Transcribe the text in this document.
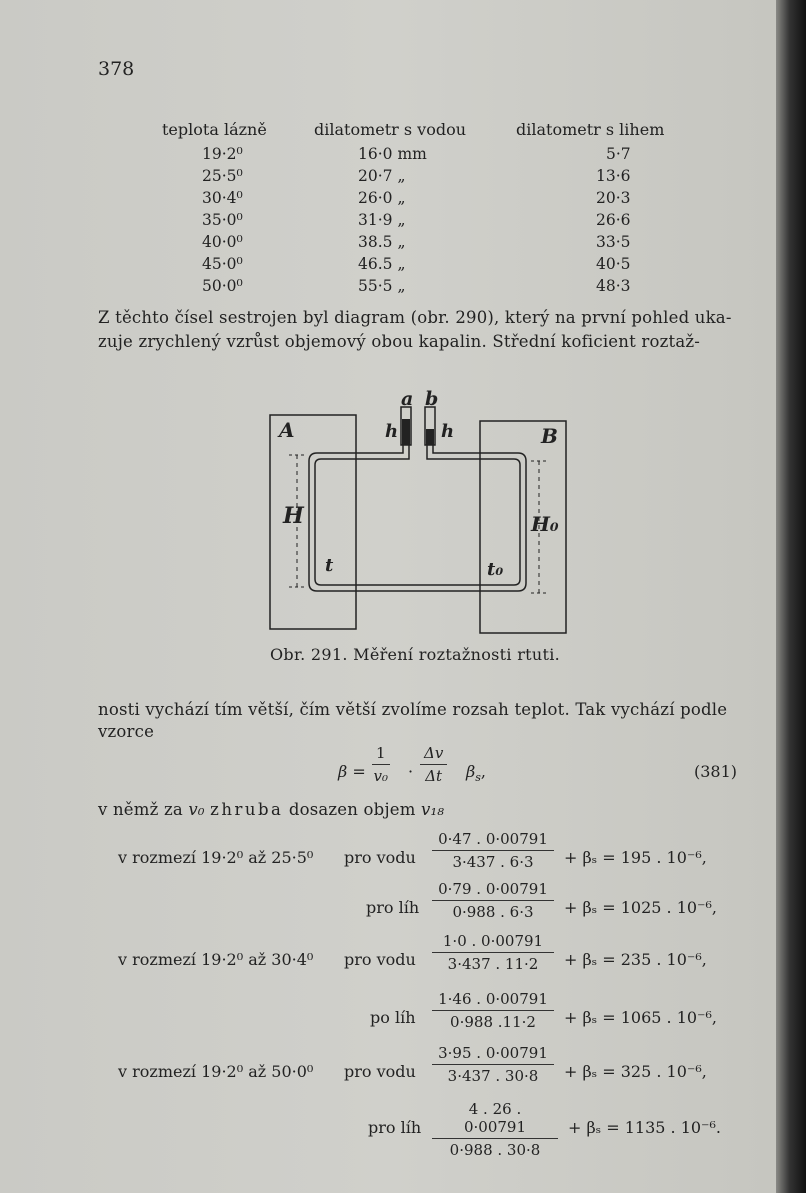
378
teplota lázně	dilatometr s vodou	dilatometr s lihem
19·2⁰	16·0 mm	5·7
25·5⁰	20·7 „	13·6
30·4⁰	26·0 „	20·3
35·0⁰	31·9 „	26·6
40·0⁰	38.5 „	33·5
45·0⁰	46.5 „	40·5
50·0⁰	55·5 „	48·3
Z těchto čísel sestrojen byl diagram (obr. 290), který na první pohled uka-
zuje zrychlený vzrůst objemový obou kapalin. Střední koficient roztaž-
A	B
a b
h h
H	H₀
t	t₀
Obr. 291. Měření roztažnosti rtuti.
nosti vychází tím větší, čím větší zvolíme rozsah teplot. Tak vychází podle
vzorce
$\beta = \frac{1}{\text{v₀}} \cdot \frac{\Delta v}{\Delta t} \beta_s$,	(381)
v němž za v₀ zhruba dosazen objem v₁₈
v rozmezí 19·2⁰ až 25·5⁰ pro vodu $\frac{0\cdot 47 . 0\cdot 00791}{3\cdot 437 . 6\cdot 3} + \beta_s = 195$ . 10⁻⁶,
pro líh $\frac{0\cdot 79 . 0\cdot 00791}{0\cdot 988 . 6\cdot 3} + \beta_s = 1025$ . 10⁻⁶,
v rozmezí 19·2⁰ až 30·4⁰ pro vodu $\frac{1\cdot 0 . 0\cdot 00791}{3\cdot 437 . 11\cdot 2} + \beta_s = 235$ . 10⁻⁶,
po líh $\frac{1\cdot 46 . 0\cdot 00791}{0\cdot 988 .11\cdot 2} + \beta_s = 1065$ . 10⁻⁶,
v rozmezí 19·2⁰ až 50·0⁰ pro vodu $\frac{3\cdot 95 . 0\cdot 00791}{3\cdot 437 . 30\cdot 8} + \beta_s = 325$ . 10⁻⁶,
pro líh $\frac{4 . 26 . 0\cdot 00791}{0\cdot 988 . 30\cdot 8} + \beta_s = 1135$ . 10⁻⁶.
